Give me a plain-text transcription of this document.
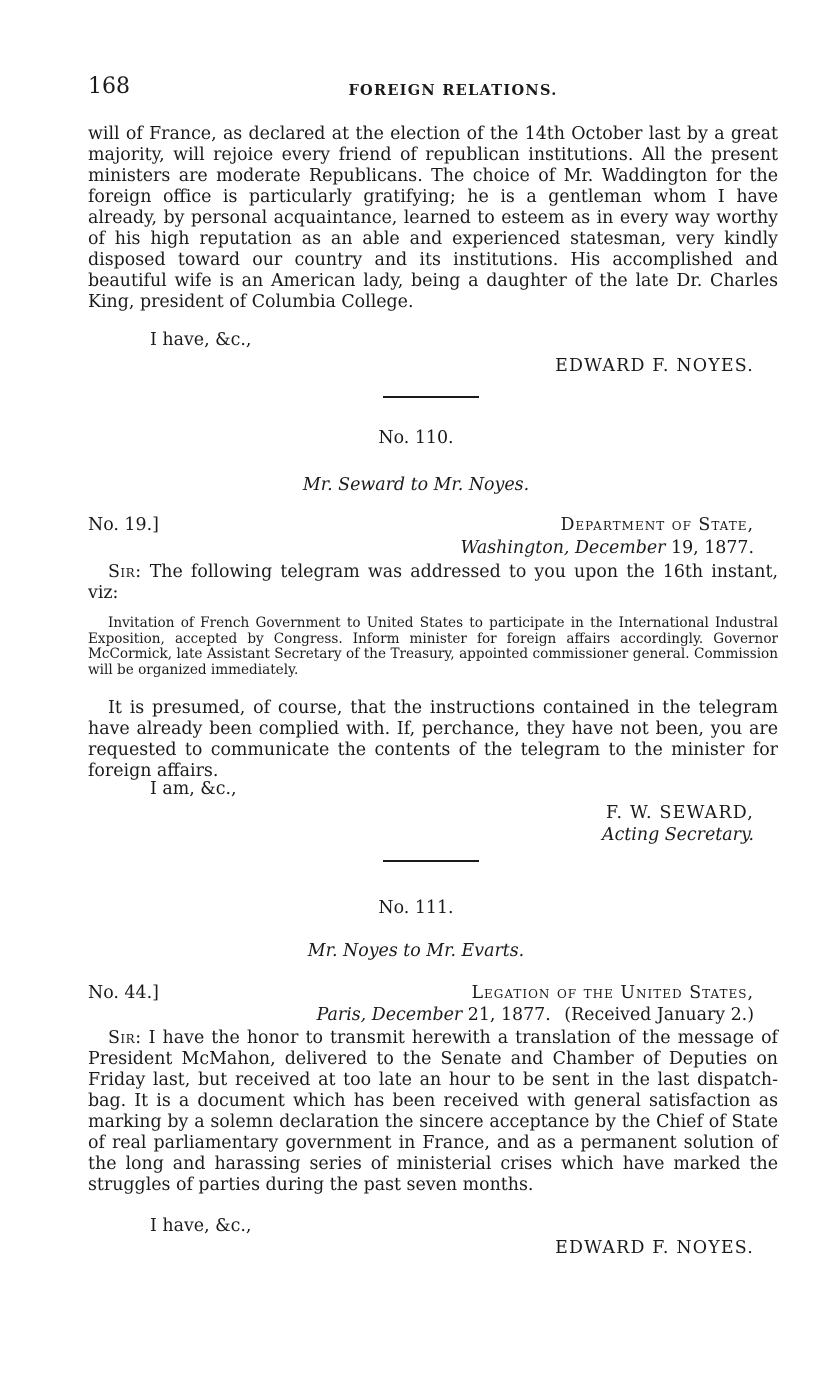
168	FOREIGN RELATIONS.

will of France, as declared at the election of the 14th October last by a great majority, will rejoice every friend of republican institutions. All the present ministers are moderate Republicans. The choice of Mr. Waddington for the foreign office is particularly gratifying; he is a gentleman whom I have already, by personal acquaintance, learned to esteem as in every way worthy of his high reputation as an able and experienced statesman, very kindly disposed toward our country and its institutions. His accomplished and beautiful wife is an American lady, being a daughter of the late Dr. Charles King, president of Columbia College.

I have, &c.,
EDWARD F. NOYES.
No. 110.
Mr. Seward to Mr. Noyes.
No. 19.]	Department of State,
Washington, December 19, 1877.

Sir: The following telegram was addressed to you upon the 16th instant, viz:

Invitation of French Government to United States to participate in the International Industral Exposition, accepted by Congress. Inform minister for foreign affairs accordingly. Governor McCormick, late Assistant Secretary of the Treasury, appointed commissioner general. Commission will be organized immediately.

It is presumed, of course, that the instructions contained in the telegram have already been complied with. If, perchance, they have not been, you are requested to communicate the contents of the telegram to the minister for foreign affairs.

I am, &c.,
F. W. SEWARD,
Acting Secretary.
No. 111.
Mr. Noyes to Mr. Evarts.
No. 44.]	Legation of the United States,
Paris, December 21, 1877. (Received January 2.)

Sir: I have the honor to transmit herewith a translation of the message of President McMahon, delivered to the Senate and Chamber of Deputies on Friday last, but received at too late an hour to be sent in the last dispatch-bag. It is a document which has been received with general satisfaction as marking by a solemn declaration the sincere acceptance by the Chief of State of real parliamentary government in France, and as a permanent solution of the long and harassing series of ministerial crises which have marked the struggles of parties during the past seven months.

I have, &c.,
EDWARD F. NOYES.
